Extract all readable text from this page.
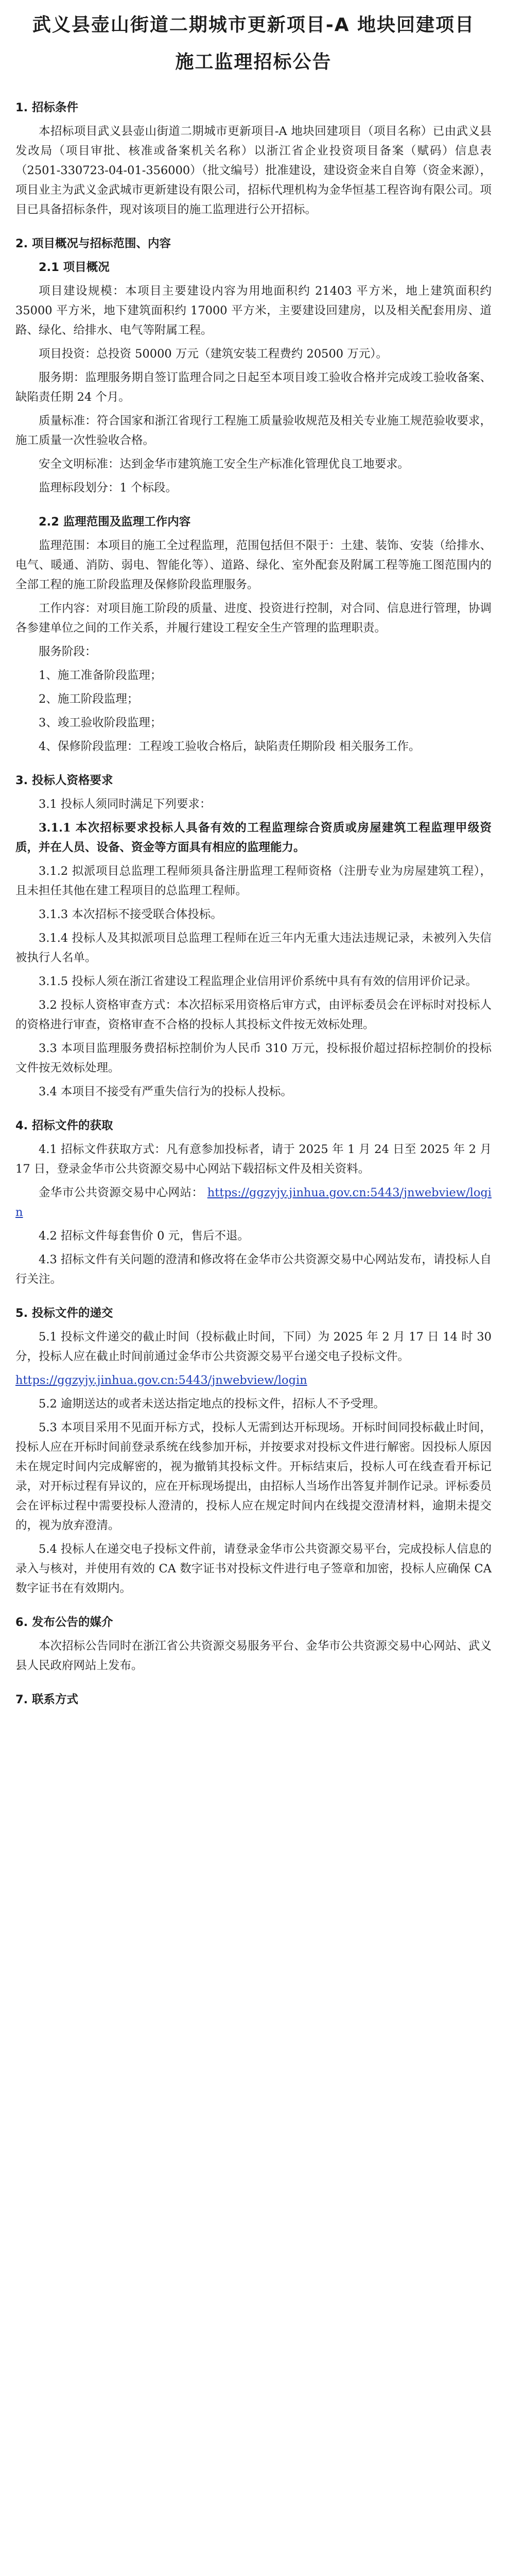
武义县壶山街道二期城市更新项目-A 地块回建项目
施工监理招标公告

1. 招标条件

本招标项目武义县壶山街道二期城市更新项目-A 地块回建项目（项目名称）已由武义县发改局（项目审批、核准或备案机关名称）以浙江省企业投资项目备案（赋码）信息表（2501-330723-04-01-356000）（批文编号）批准建设，建设资金来自自筹（资金来源），项目业主为武义金武城市更新建设有限公司，招标代理机构为金华恒基工程咨询有限公司。项目已具备招标条件，现对该项目的施工监理进行公开招标。

2. 项目概况与招标范围、内容

2.1 项目概况

项目建设规模：本项目主要建设内容为用地面积约 21403 平方米，地上建筑面积约 35000 平方米，地下建筑面积约 17000 平方米，主要建设回建房，以及相关配套用房、道路、绿化、给排水、电气等附属工程。

项目投资：总投资 50000 万元（建筑安装工程费约 20500 万元）。

服务期：监理服务期自签订监理合同之日起至本项目竣工验收合格并完成竣工验收备案、缺陷责任期 24 个月。

质量标准：符合国家和浙江省现行工程施工质量验收规范及相关专业施工规范验收要求，施工质量一次性验收合格。

安全文明标准：达到金华市建筑施工安全生产标准化管理优良工地要求。

监理标段划分：1 个标段。

2.2 监理范围及监理工作内容

监理范围：本项目的施工全过程监理，范围包括但不限于：土建、装饰、安装（给排水、电气、暖通、消防、弱电、智能化等）、道路、绿化、室外配套及附属工程等施工图范围内的全部工程的施工阶段监理及保修阶段监理服务。

工作内容：对项目施工阶段的质量、进度、投资进行控制，对合同、信息进行管理，协调各参建单位之间的工作关系，并履行建设工程安全生产管理的监理职责。

服务阶段：

1、施工准备阶段监理；

2、施工阶段监理；

3、竣工验收阶段监理；

4、保修阶段监理：工程竣工验收合格后，缺陷责任期阶段 相关服务工作。

3. 投标人资格要求

3.1 投标人须同时满足下列要求：

3.1.1 本次招标要求投标人具备有效的工程监理综合资质或房屋建筑工程监理甲级资质，并在人员、设备、资金等方面具有相应的监理能力。

3.1.2 拟派项目总监理工程师须具备注册监理工程师资格（注册专业为房屋建筑工程），且未担任其他在建工程项目的总监理工程师。

3.1.3 本次招标不接受联合体投标。

3.1.4 投标人及其拟派项目总监理工程师在近三年内无重大违法违规记录，未被列入失信被执行人名单。

3.1.5 投标人须在浙江省建设工程监理企业信用评价系统中具有有效的信用评价记录。

3.2 投标人资格审查方式：本次招标采用资格后审方式，由评标委员会在评标时对投标人的资格进行审查，资格审查不合格的投标人其投标文件按无效标处理。

3.3 本项目监理服务费招标控制价为人民币 310 万元，投标报价超过招标控制价的投标文件按无效标处理。

3.4 本项目不接受有严重失信行为的投标人投标。

4. 招标文件的获取

4.1 招标文件获取方式：凡有意参加投标者，请于 2025 年 1 月 24 日至 2025 年 2 月 17 日，登录金华市公共资源交易中心网站下载招标文件及相关资料。

金华市公共资源交易中心网站： https://ggzyjy.jinhua.gov.cn:5443/jnwebview/login

4.2 招标文件每套售价 0 元，售后不退。

4.3 招标文件有关问题的澄清和修改将在金华市公共资源交易中心网站发布，请投标人自行关注。

5. 投标文件的递交

5.1 投标文件递交的截止时间（投标截止时间，下同）为 2025 年 2 月 17 日 14 时 30 分，投标人应在截止时间前通过金华市公共资源交易平台递交电子投标文件。

https://ggzyjy.jinhua.gov.cn:5443/jnwebview/login

5.2 逾期送达的或者未送达指定地点的投标文件，招标人不予受理。

5.3 本项目采用不见面开标方式，投标人无需到达开标现场。开标时间同投标截止时间，投标人应在开标时间前登录系统在线参加开标，并按要求对投标文件进行解密。因投标人原因未在规定时间内完成解密的，视为撤销其投标文件。开标结束后，投标人可在线查看开标记录，对开标过程有异议的，应在开标现场提出，由招标人当场作出答复并制作记录。评标委员会在评标过程中需要投标人澄清的，投标人应在规定时间内在线提交澄清材料，逾期未提交的，视为放弃澄清。

5.4 投标人在递交电子投标文件前，请登录金华市公共资源交易平台，完成投标人信息的录入与核对，并使用有效的 CA 数字证书对投标文件进行电子签章和加密，投标人应确保 CA 数字证书在有效期内。

6. 发布公告的媒介

本次招标公告同时在浙江省公共资源交易服务平台、金华市公共资源交易中心网站、武义县人民政府网站上发布。

7. 联系方式
